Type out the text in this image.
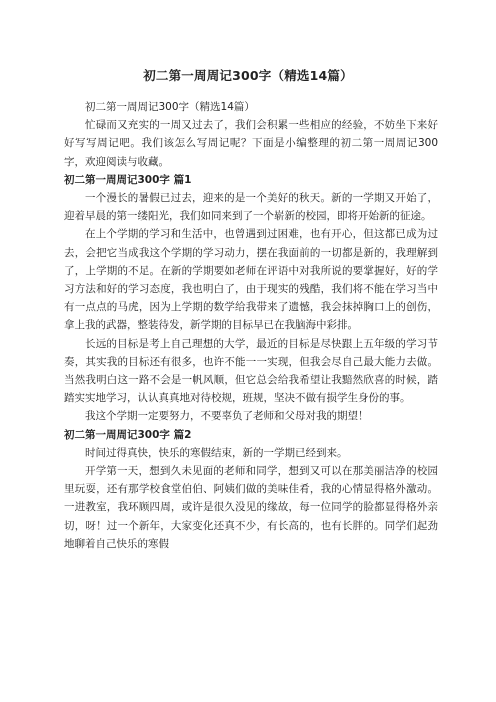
初二第一周周记300字（精选14篇）

初二第一周周记300字（精选14篇）

忙碌而又充实的一周又过去了，我们会积累一些相应的经验，不妨坐下来好好写写周记吧。我们该怎么写周记呢？下面是小编整理的初二第一周周记300字，欢迎阅读与收藏。

初二第一周周记300字 篇1

一个漫长的暑假已过去，迎来的是一个美好的秋天。新的一学期又开始了，迎着早晨的第一缕阳光，我们如同来到了一个崭新的校园，即将开始新的征途。

在上个学期的学习和生活中，也曾遇到过困难，也有开心，但这都已成为过去，会把它当成我这个学期的学习动力，摆在我面前的一切都是新的，我理解到了，上学期的不足。在新的学期要如老师在评语中对我所说的要掌握好，好的学习方法和好的学习态度，我也明白了，由于现实的残酷，我们将不能在学习当中有一点点的马虎，因为上学期的数学给我带来了遗憾，我会抹掉胸口上的创伤，拿上我的武器，整装待发，新学期的目标早已在我脑海中彩排。

长远的目标是考上自己理想的大学，最近的目标是尽快跟上五年级的学习节奏，其实我的目标还有很多，也许不能一一实现，但我会尽自己最大能力去做。当然我明白这一路不会是一帆风顺，但它总会给我希望让我黯然欣喜的时候，踏踏实实地学习，认认真真地对待校规，班规，坚决不做有损学生身份的事。

我这个学期一定要努力，不要辜负了老师和父母对我的期望！

初二第一周周记300字 篇2

时间过得真快，快乐的寒假结束，新的一学期已经到来。

开学第一天，想到久未见面的老师和同学，想到又可以在那美丽洁净的校园里玩耍，还有那学校食堂伯伯、阿姨们做的美味佳肴，我的心情显得格外激动。一进教室，我环顾四周，或许是很久没见的缘故，每一位同学的脸都显得格外亲切，呀！过一个新年，大家变化还真不少，有长高的，也有长胖的。同学们起劲地聊着自己快乐的寒假
